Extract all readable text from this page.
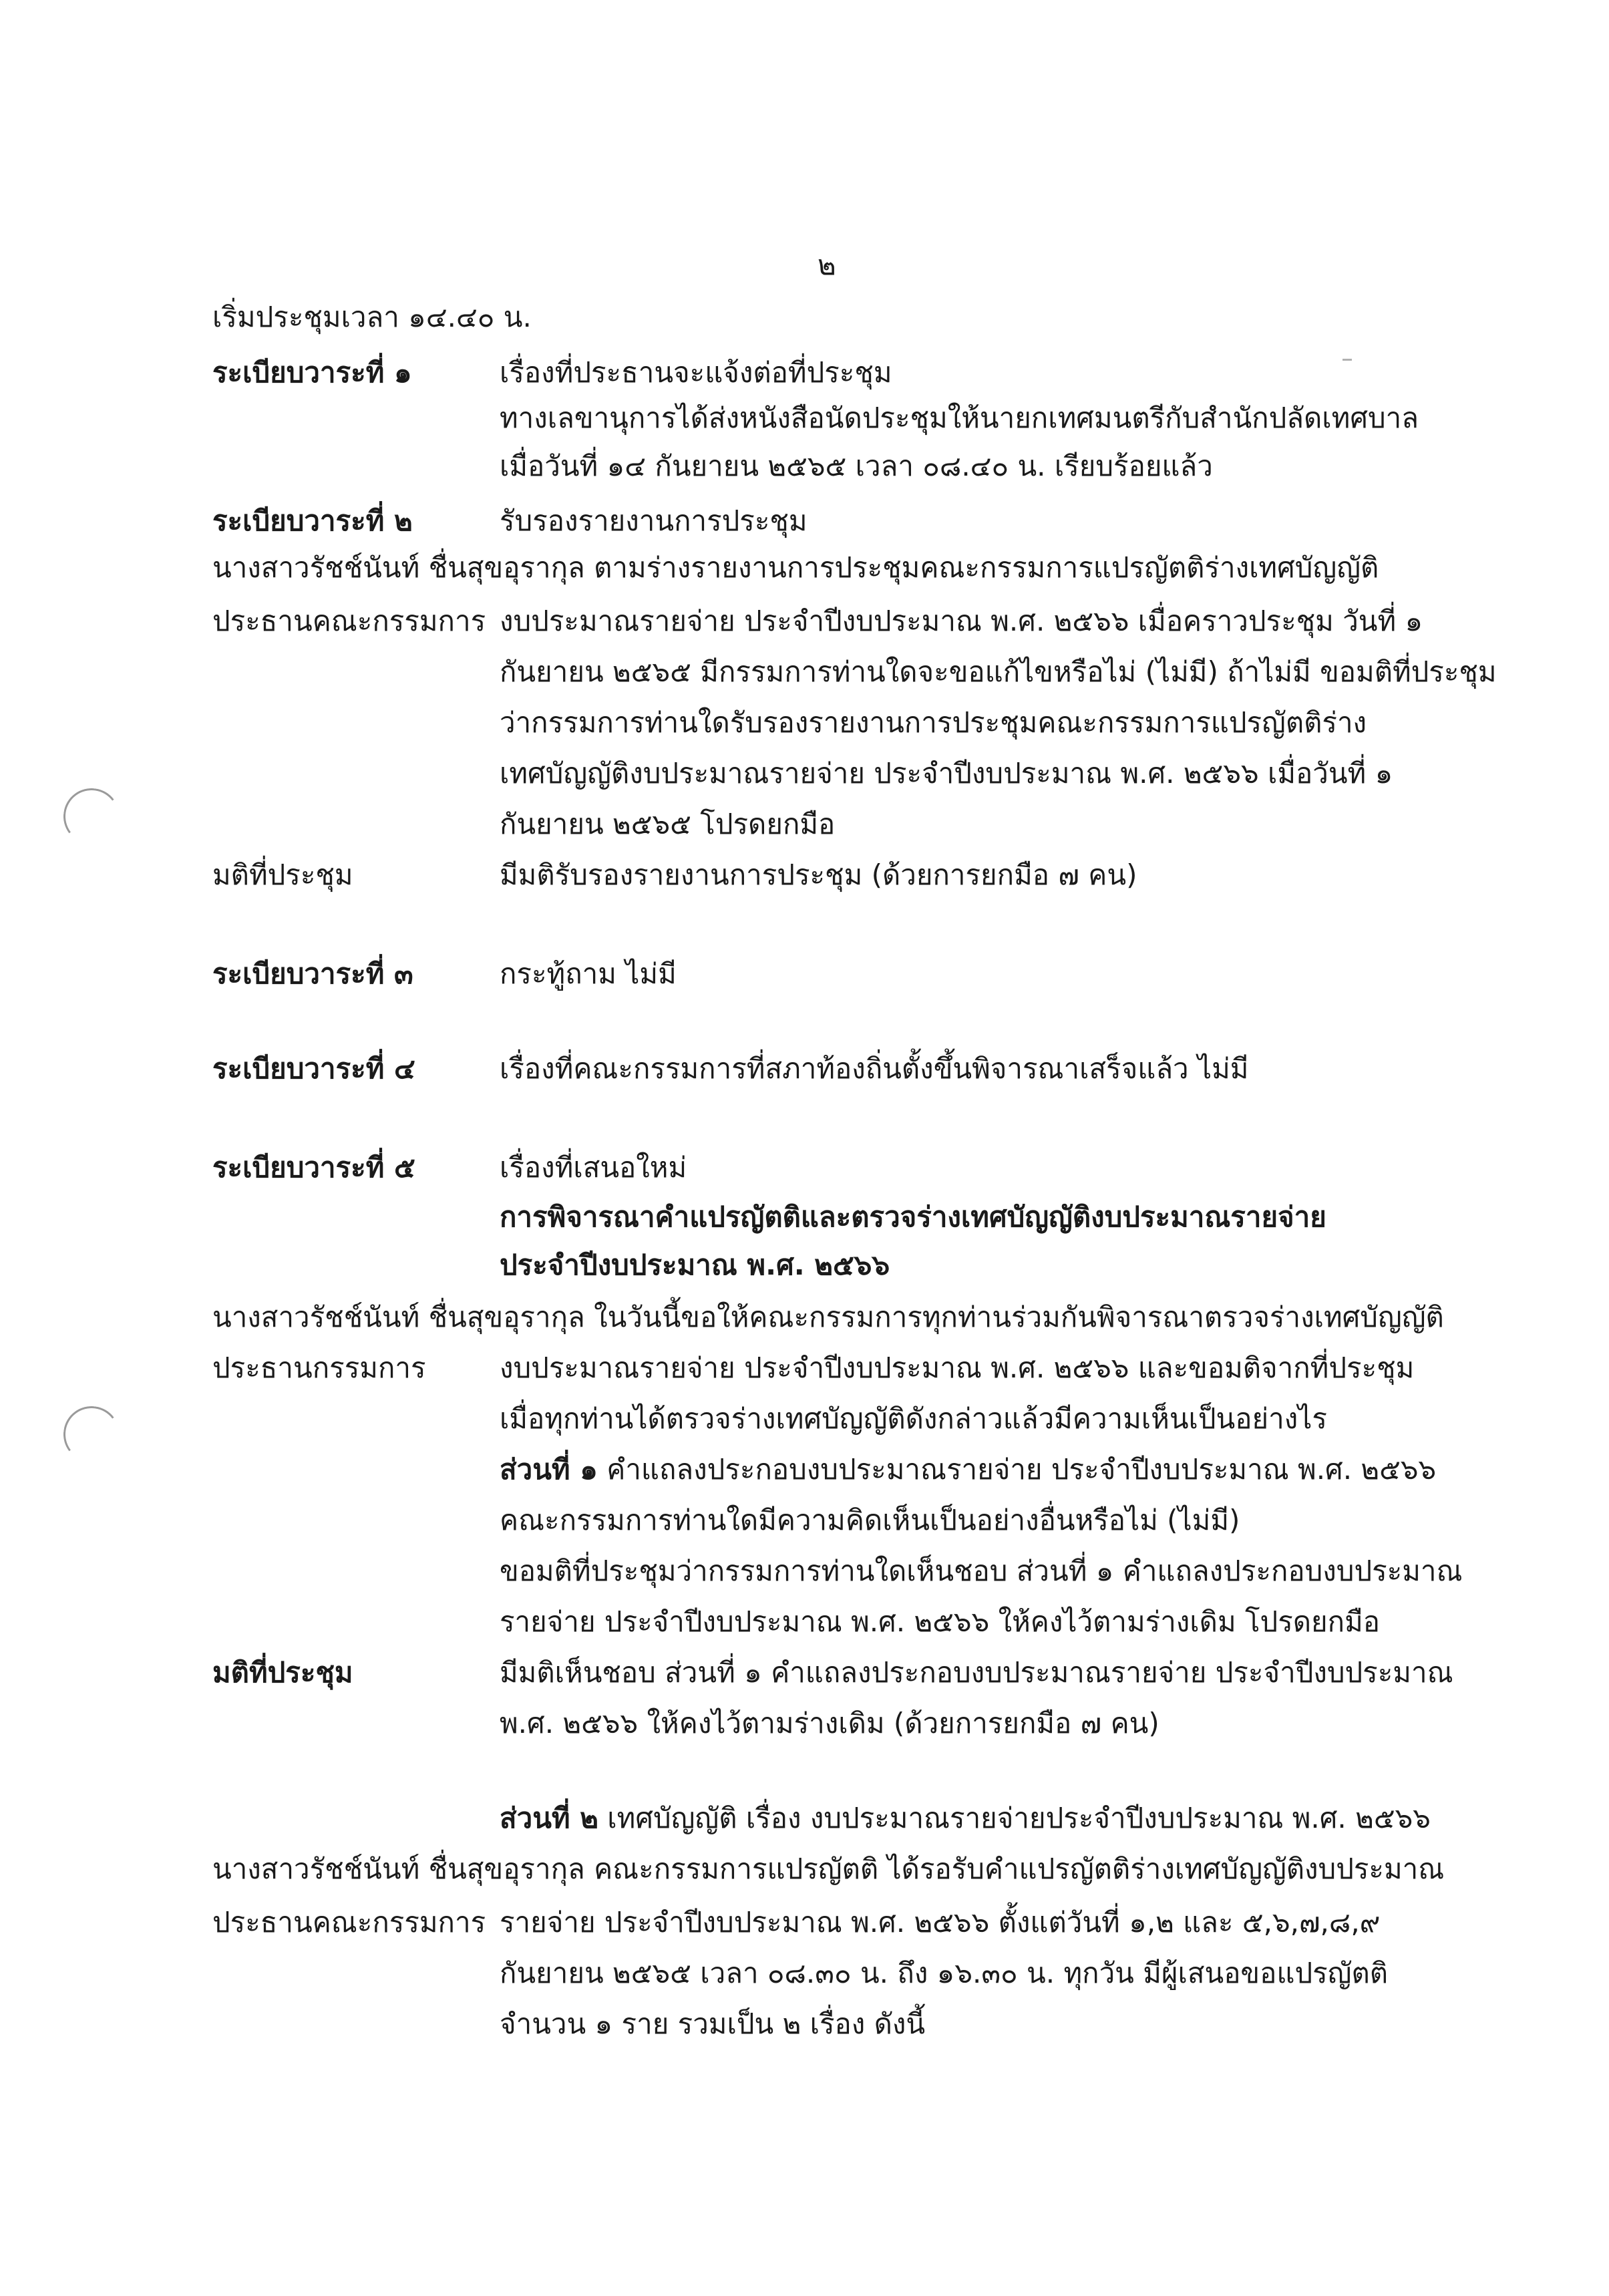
๒
เริ่มประชุมเวลา ๑๔.๔๐ น.
ระเบียบวาระที่ ๑	เรื่องที่ประธานจะแจ้งต่อที่ประชุม
ทางเลขานุการได้ส่งหนังสือนัดประชุมให้นายกเทศมนตรีกับสำนักปลัดเทศบาล
เมื่อวันที่ ๑๔ กันยายน ๒๕๖๕ เวลา ๐๘.๔๐ น. เรียบร้อยแล้ว
ระเบียบวาระที่ ๒	รับรองรายงานการประชุม
นางสาวรัชช์นันท์ ชื่นสุขอุรากุล ตามร่างรายงานการประชุมคณะกรรมการแปรญัตติร่างเทศบัญญัติ
ประธานคณะกรรมการ งบประมาณรายจ่าย ประจำปีงบประมาณ พ.ศ. ๒๕๖๖ เมื่อคราวประชุม วันที่ ๑
กันยายน ๒๕๖๕ มีกรรมการท่านใดจะขอแก้ไขหรือไม่ (ไม่มี) ถ้าไม่มี ขอมติที่ประชุม
ว่ากรรมการท่านใดรับรองรายงานการประชุมคณะกรรมการแปรญัตติร่าง
เทศบัญญัติงบประมาณรายจ่าย ประจำปีงบประมาณ พ.ศ. ๒๕๖๖ เมื่อวันที่ ๑
กันยายน ๒๕๖๕ โปรดยกมือ
มติที่ประชุม	มีมติรับรองรายงานการประชุม (ด้วยการยกมือ ๗ คน)
ระเบียบวาระที่ ๓	กระทู้ถาม ไม่มี
ระเบียบวาระที่ ๔	เรื่องที่คณะกรรมการที่สภาท้องถิ่นตั้งขึ้นพิจารณาเสร็จแล้ว ไม่มี
ระเบียบวาระที่ ๕	เรื่องที่เสนอใหม่
การพิจารณาคำแปรญัตติและตรวจร่างเทศบัญญัติงบประมาณรายจ่าย
ประจำปีงบประมาณ พ.ศ. ๒๕๖๖
นางสาวรัชช์นันท์ ชื่นสุขอุรากุล ในวันนี้ขอให้คณะกรรมการทุกท่านร่วมกันพิจารณาตรวจร่างเทศบัญญัติ
ประธานกรรมการ	งบประมาณรายจ่าย ประจำปีงบประมาณ พ.ศ. ๒๕๖๖ และขอมติจากที่ประชุม
เมื่อทุกท่านได้ตรวจร่างเทศบัญญัติดังกล่าวแล้วมีความเห็นเป็นอย่างไร
ส่วนที่ ๑ คำแถลงประกอบงบประมาณรายจ่าย ประจำปีงบประมาณ พ.ศ. ๒๕๖๖
คณะกรรมการท่านใดมีความคิดเห็นเป็นอย่างอื่นหรือไม่ (ไม่มี)
ขอมติที่ประชุมว่ากรรมการท่านใดเห็นชอบ ส่วนที่ ๑ คำแถลงประกอบงบประมาณ
รายจ่าย ประจำปีงบประมาณ พ.ศ. ๒๕๖๖ ให้คงไว้ตามร่างเดิม โปรดยกมือ
มติที่ประชุม	มีมติเห็นชอบ ส่วนที่ ๑ คำแถลงประกอบงบประมาณรายจ่าย ประจำปีงบประมาณ
พ.ศ. ๒๕๖๖ ให้คงไว้ตามร่างเดิม (ด้วยการยกมือ ๗ คน)
ส่วนที่ ๒ เทศบัญญัติ เรื่อง งบประมาณรายจ่ายประจำปีงบประมาณ พ.ศ. ๒๕๖๖
นางสาวรัชช์นันท์ ชื่นสุขอุรากุล คณะกรรมการแปรญัตติ ได้รอรับคำแปรญัตติร่างเทศบัญญัติงบประมาณ
ประธานคณะกรรมการ รายจ่าย ประจำปีงบประมาณ พ.ศ. ๒๕๖๖ ตั้งแต่วันที่ ๑,๒ และ ๕,๖,๗,๘,๙
กันยายน ๒๕๖๕ เวลา ๐๘.๓๐ น. ถึง ๑๖.๓๐ น. ทุกวัน มีผู้เสนอขอแปรญัตติ
จำนวน ๑ ราย รวมเป็น ๒ เรื่อง ดังนี้
